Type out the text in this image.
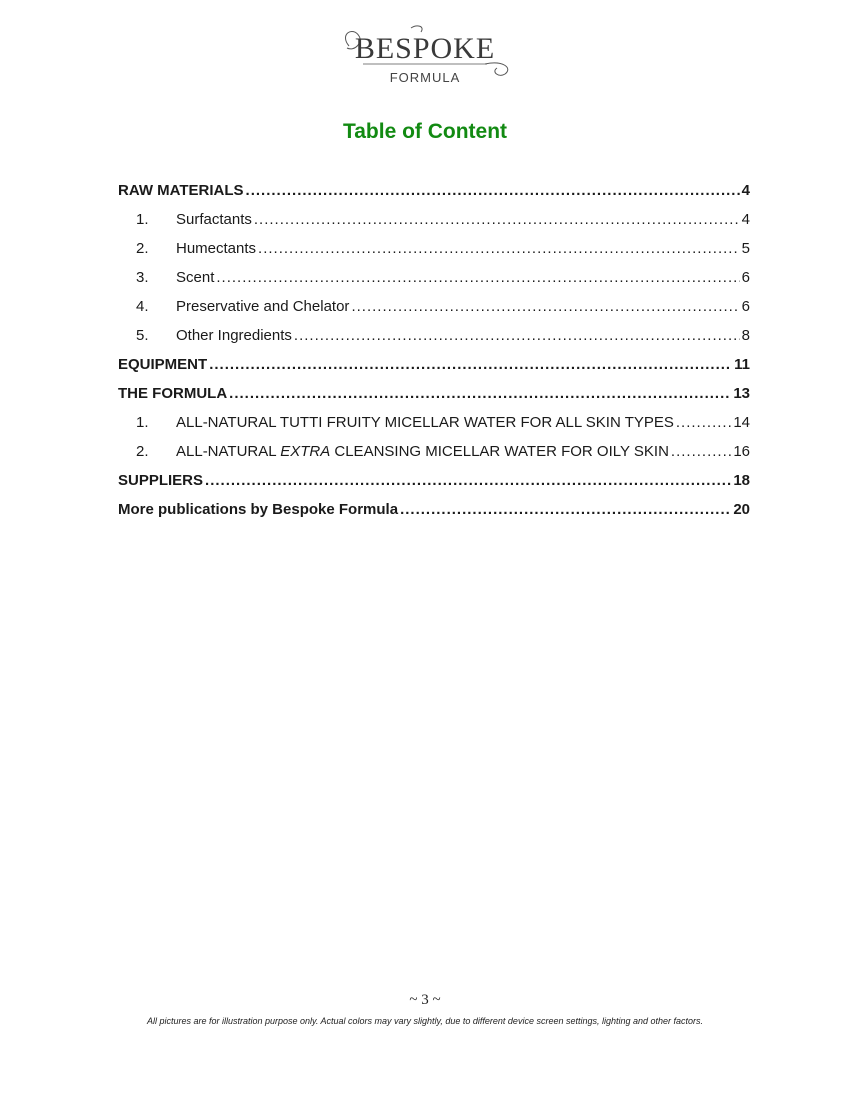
BESPOKE
FORMULA
Table of Content
RAW MATERIALS .....	4
1.	Surfactants .....	4
2.	Humectants .....	5
3.	Scent .....	6
4.	Preservative and Chelator .....	6
5.	Other Ingredients .....	8
EQUIPMENT .....	11
THE FORMULA .....	13
1.	ALL-NATURAL TUTTI FRUITY MICELLAR WATER FOR ALL SKIN TYPES .....	14
2.	ALL-NATURAL EXTRA CLEANSING MICELLAR WATER FOR OILY SKIN .....	16
SUPPLIERS .....	18
More publications by Bespoke Formula .....	20
~ 3 ~
All pictures are for illustration purpose only. Actual colors may vary slightly, due to different device screen settings, lighting and other factors.
